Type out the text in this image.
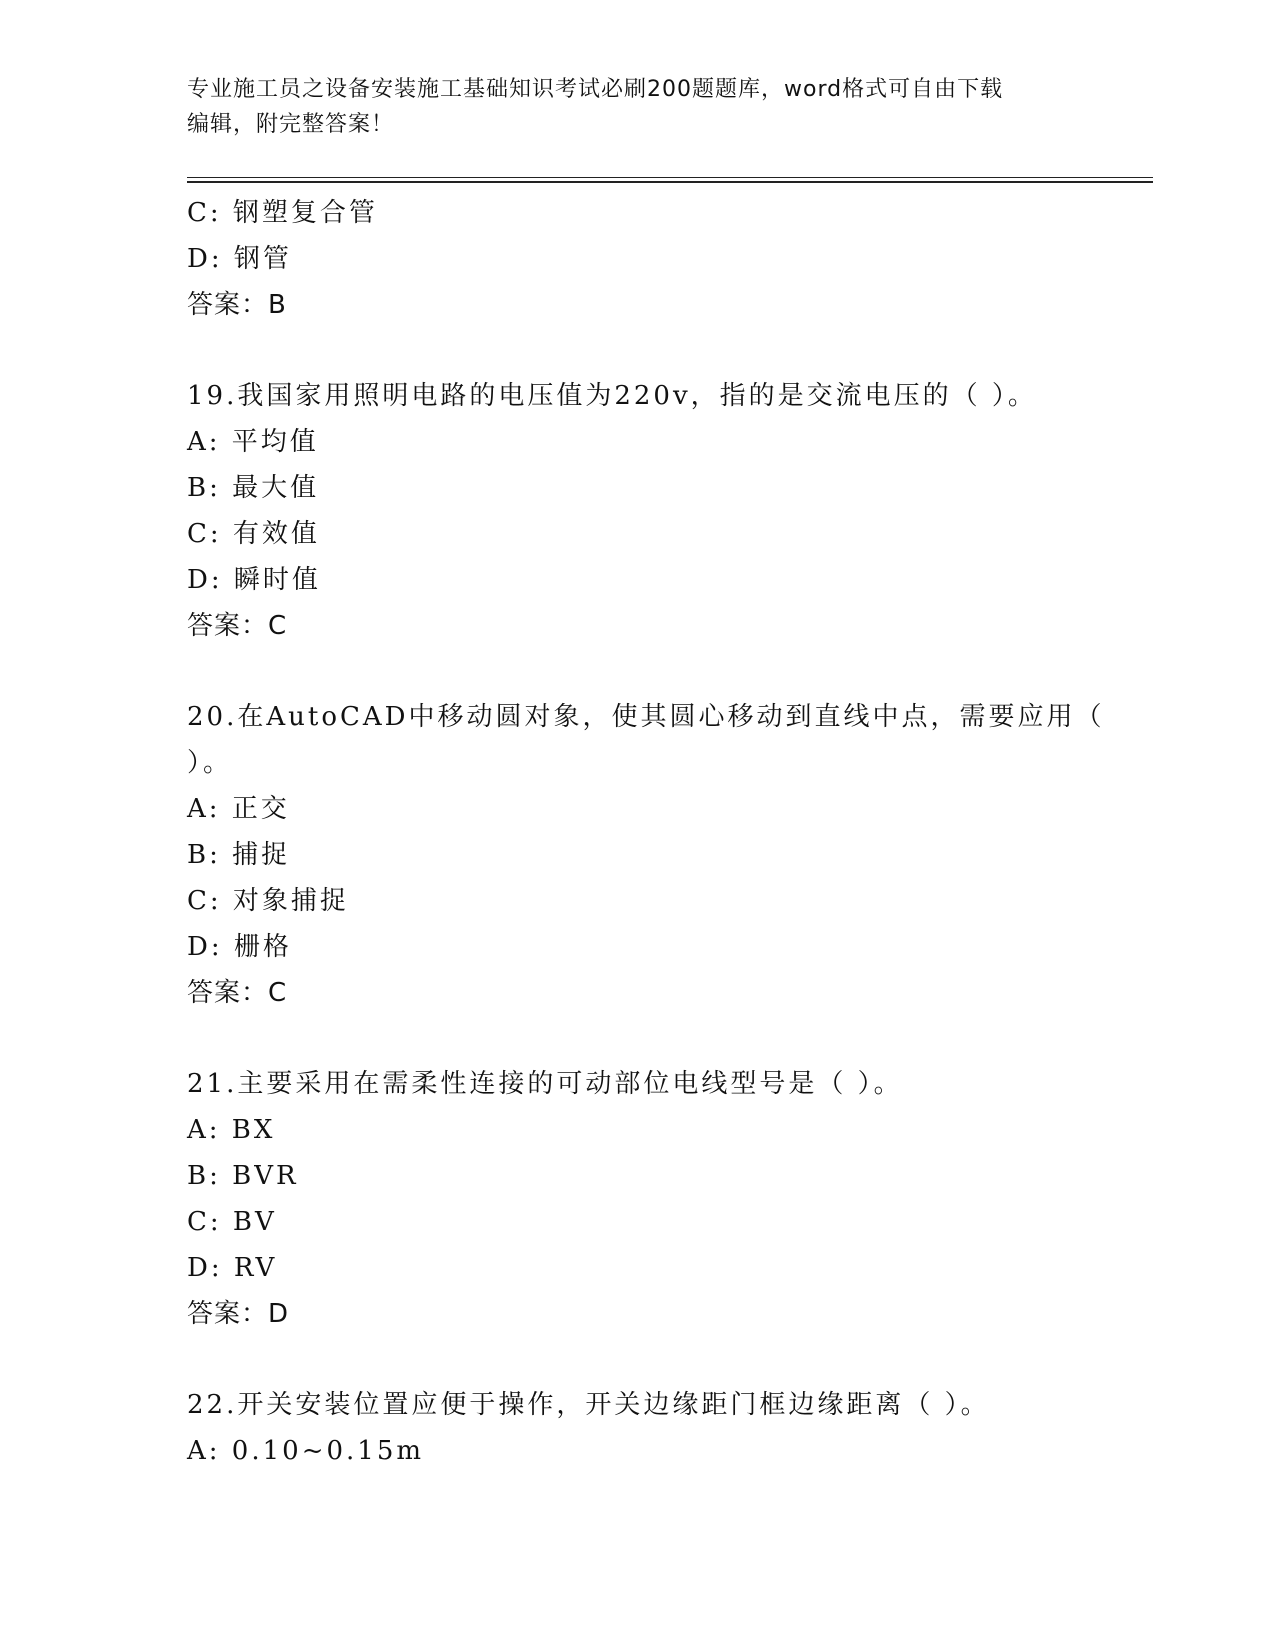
专业施工员之设备安装施工基础知识考试必刷200题题库，word格式可自由下载
编辑，附完整答案！
C: 钢塑复合管
D: 钢管
答案：B
19.我国家用照明电路的电压值为220v，指的是交流电压的（ ）。
A: 平均值
B: 最大值
C: 有效值
D: 瞬时值
答案：C
20.在AutoCAD中移动圆对象，使其圆心移动到直线中点，需要应用（
）。
A: 正交
B: 捕捉
C: 对象捕捉
D: 栅格
答案：C
21.主要采用在需柔性连接的可动部位电线型号是（ ）。
A: BX
B: BVR
C: BV
D: RV
答案：D
22.开关安装位置应便于操作，开关边缘距门框边缘距离（ ）。
A: 0.10~0.15m
